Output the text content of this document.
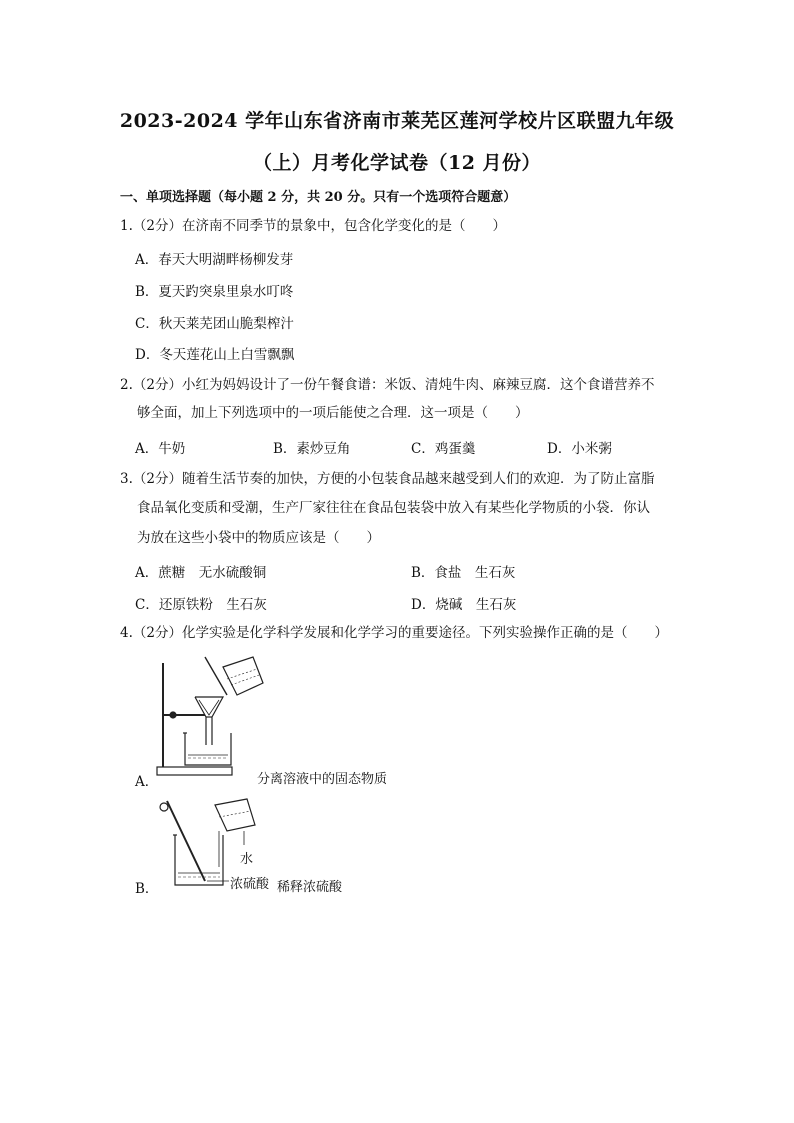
2023-2024 学年山东省济南市莱芜区莲河学校片区联盟九年级
（上）月考化学试卷（12 月份）
一、单项选择题（每小题 2 分，共 20 分。只有一个选项符合题意）
1.（2分）在济南不同季节的景象中，包含化学变化的是（　　）
A．春天大明湖畔杨柳发芽
B．夏天趵突泉里泉水叮咚
C．秋天莱芜团山脆梨榨汁
D．冬天莲花山上白雪飘飘
2.（2分）小红为妈妈设计了一份午餐食谱：米饭、清炖牛肉、麻辣豆腐．这个食谱营养不
够全面，加上下列选项中的一项后能使之合理．这一项是（　　）
A．牛奶	B．素炒豆角	C．鸡蛋羹	D．小米粥
3.（2分）随着生活节奏的加快，方便的小包装食品越来越受到人们的欢迎．为了防止富脂
食品氧化变质和受潮，生产厂家往往在食品包装袋中放入有某些化学物质的小袋．你认
为放在这些小袋中的物质应该是（　　）
A．蔗糖　无水硫酸铜	B．食盐　生石灰
C．还原铁粉　生石灰	D．烧碱　生石灰
4.（2分）化学实验是化学科学发展和化学学习的重要途径。下列实验操作正确的是（　　）
A．	分离溶液中的固态物质
水
浓硫酸
B．	稀释浓硫酸
